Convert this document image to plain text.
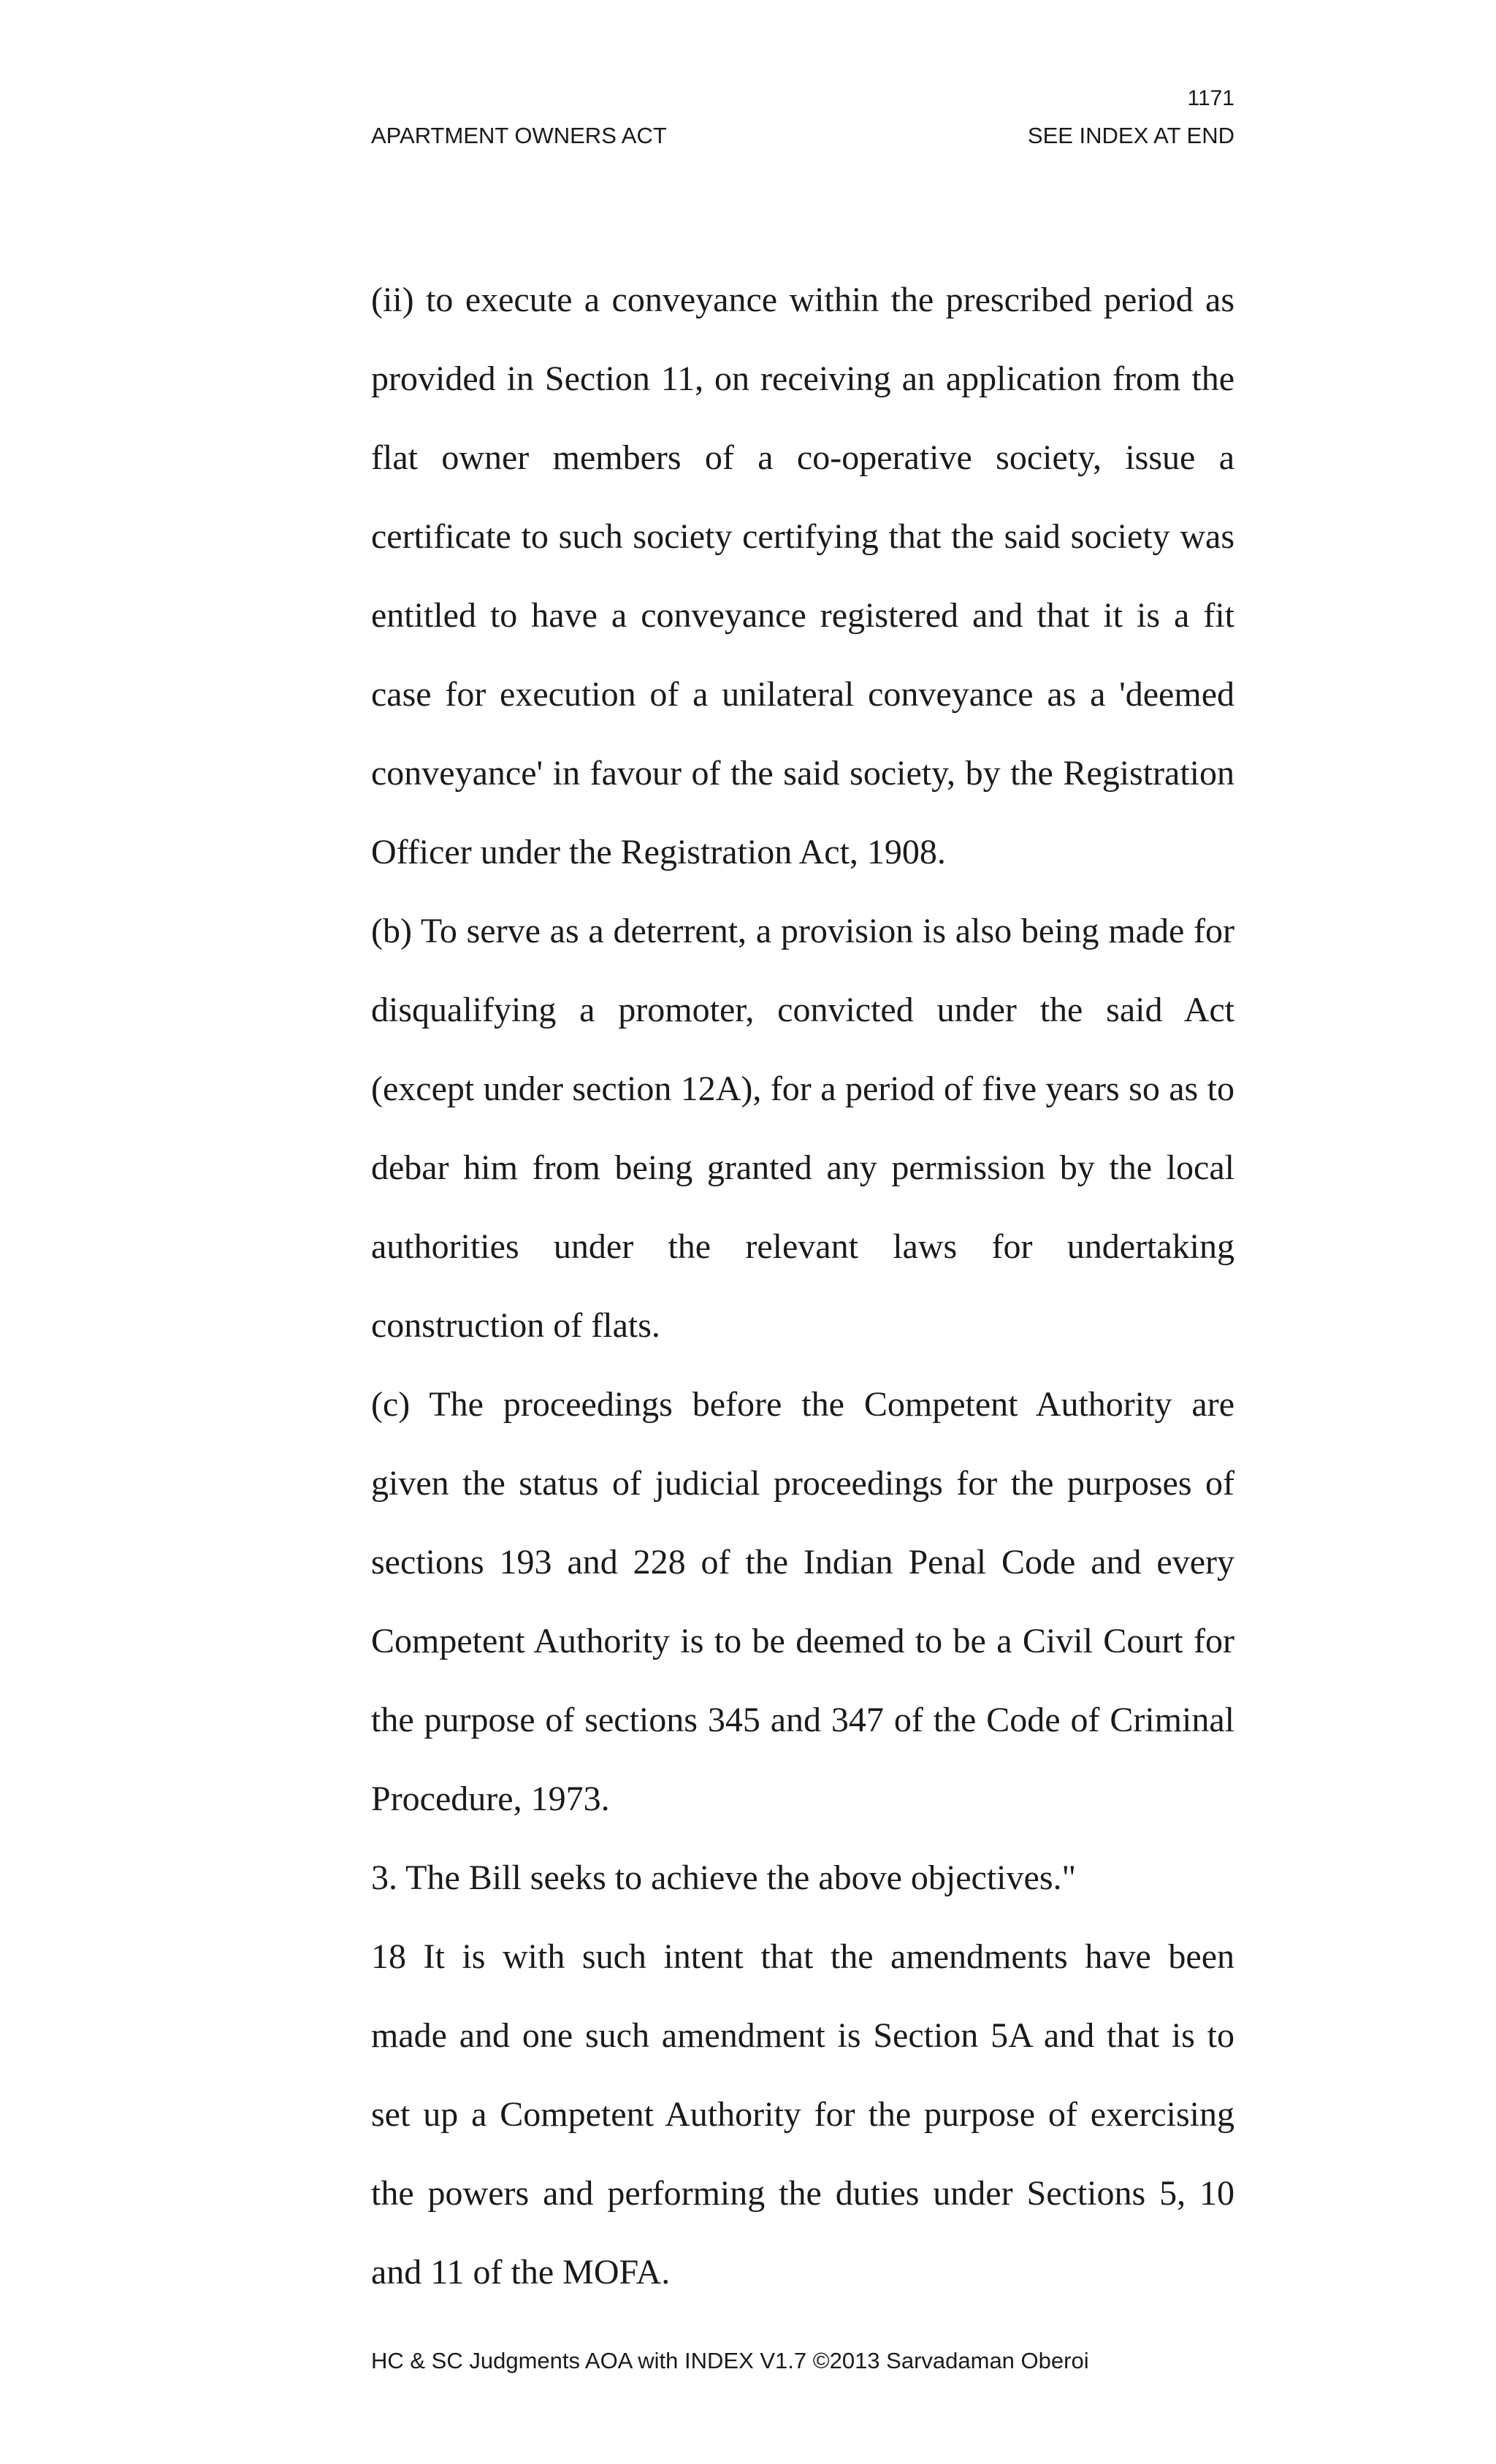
1171
APARTMENT OWNERS ACT	SEE INDEX AT END

(ii) to execute a conveyance within the prescribed period as provided in Section 11, on receiving an application from the flat owner members of a co-operative society, issue a certificate to such society certifying that the said society was entitled to have a conveyance registered and that it is a fit case for execution of a unilateral conveyance as a 'deemed conveyance' in favour of the said society, by the Registration Officer under the Registration Act, 1908.

(b) To serve as a deterrent, a provision is also being made for disqualifying a promoter, convicted under the said Act (except under section 12A), for a period of five years so as to debar him from being granted any permission by the local authorities under the relevant laws for undertaking construction of flats.

(c) The proceedings before the Competent Authority are given the status of judicial proceedings for the purposes of sections 193 and 228 of the Indian Penal Code and every Competent Authority is to be deemed to be a Civil Court for the purpose of sections 345 and 347 of the Code of Criminal Procedure, 1973.

3. The Bill seeks to achieve the above objectives."

18 It is with such intent that the amendments have been made and one such amendment is Section 5A and that is to set up a Competent Authority for the purpose of exercising the powers and performing the duties under Sections 5, 10 and 11 of the MOFA.

HC & SC Judgments AOA with INDEX V1.7 ©2013 Sarvadaman Oberoi
